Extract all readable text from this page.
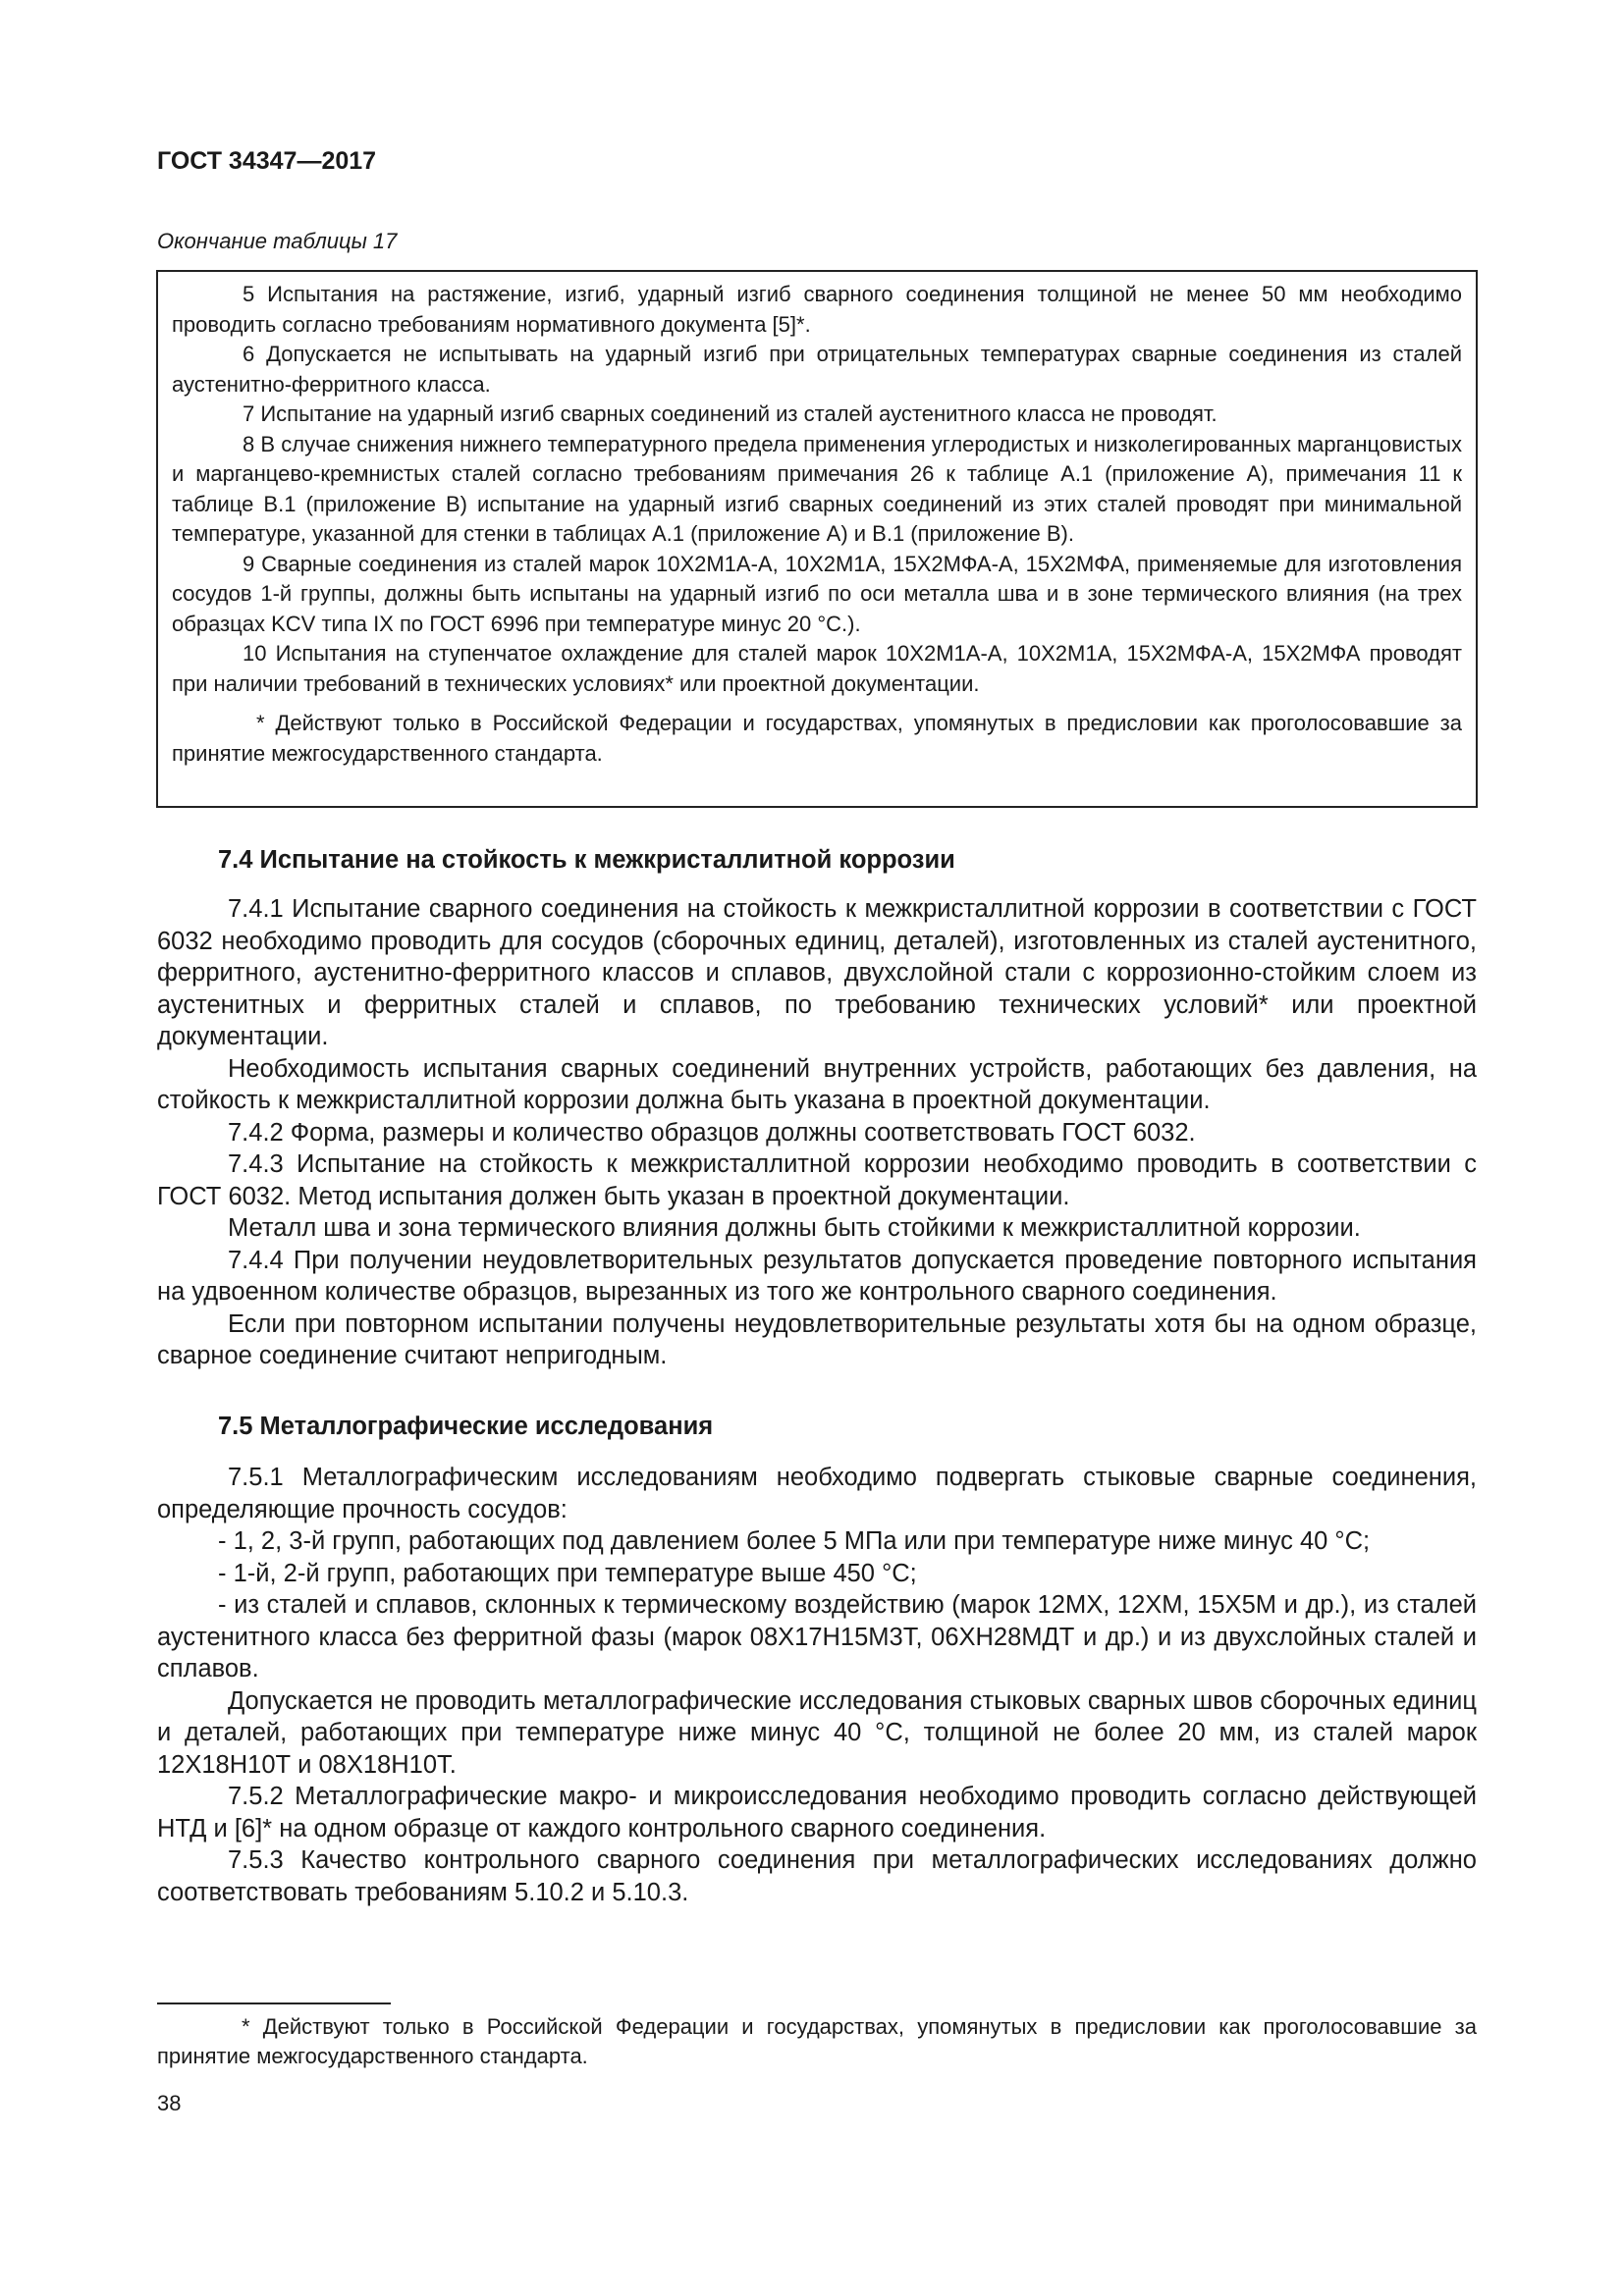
ГОСТ 34347—2017
Окончание таблицы 17

5 Испытания на растяжение, изгиб, ударный изгиб сварного соединения толщиной не менее 50 мм необходимо проводить согласно требованиям нормативного документа [5]*.

6 Допускается не испытывать на ударный изгиб при отрицательных температурах сварные соединения из сталей аустенитно-ферритного класса.

7 Испытание на ударный изгиб сварных соединений из сталей аустенитного класса не проводят.

8 В случае снижения нижнего температурного предела применения углеродистых и низколегированных марганцовистых и марганцево-кремнистых сталей согласно требованиям примечания 26 к таблице А.1 (приложение А), примечания 11 к таблице В.1 (приложение В) испытание на ударный изгиб сварных соединений из этих сталей проводят при минимальной температуре, указанной для стенки в таблицах А.1 (приложение А) и В.1 (приложение В).

9 Сварные соединения из сталей марок 10Х2М1А-А, 10Х2М1А, 15Х2МФА-А, 15Х2МФА, применяемые для изготовления сосудов 1-й группы, должны быть испытаны на ударный изгиб по оси металла шва и в зоне термического влияния (на трех образцах KCV типа IX по ГОСТ 6996 при температуре минус 20 °С.).

10 Испытания на ступенчатое охлаждение для сталей марок 10Х2М1А-А, 10Х2М1А, 15Х2МФА-А, 15Х2МФА проводят при наличии требований в технических условиях* или проектной документации.

* Действуют только в Российской Федерации и государствах, упомянутых в предисловии как проголосовавшие за принятие межгосударственного стандарта.

7.4 Испытание на стойкость к межкристаллитной коррозии

7.4.1 Испытание сварного соединения на стойкость к межкристаллитной коррозии в соответствии с ГОСТ 6032 необходимо проводить для сосудов (сборочных единиц, деталей), изготовленных из сталей аустенитного, ферритного, аустенитно-ферритного классов и сплавов, двухслойной стали с коррозионно-стойким слоем из аустенитных и ферритных сталей и сплавов, по требованию технических условий* или проектной документации.

Необходимость испытания сварных соединений внутренних устройств, работающих без давления, на стойкость к межкристаллитной коррозии должна быть указана в проектной документации.

7.4.2 Форма, размеры и количество образцов должны соответствовать ГОСТ 6032.

7.4.3 Испытание на стойкость к межкристаллитной коррозии необходимо проводить в соответствии с ГОСТ 6032. Метод испытания должен быть указан в проектной документации.

Металл шва и зона термического влияния должны быть стойкими к межкристаллитной коррозии.

7.4.4 При получении неудовлетворительных результатов допускается проведение повторного испытания на удвоенном количестве образцов, вырезанных из того же контрольного сварного соединения.

Если при повторном испытании получены неудовлетворительные результаты хотя бы на одном образце, сварное соединение считают непригодным.

7.5 Металлографические исследования

7.5.1 Металлографическим исследованиям необходимо подвергать стыковые сварные соединения, определяющие прочность сосудов:

- 1, 2, 3-й групп, работающих под давлением более 5 МПа или при температуре ниже минус 40 °С;

- 1-й, 2-й групп, работающих при температуре выше 450 °С;

- из сталей и сплавов, склонных к термическому воздействию (марок 12МХ, 12ХМ, 15Х5М и др.), из сталей аустенитного класса без ферритной фазы (марок 08Х17Н15М3Т, 06ХН28МДТ и др.) и из двухслойных сталей и сплавов.

Допускается не проводить металлографические исследования стыковых сварных швов сборочных единиц и деталей, работающих при температуре ниже минус 40 °С, толщиной не более 20 мм, из сталей марок 12Х18Н10Т и 08Х18Н10Т.

7.5.2 Металлографические макро- и микроисследования необходимо проводить согласно действующей НТД и [6]* на одном образце от каждого контрольного сварного соединения.

7.5.3 Качество контрольного сварного соединения при металлографических исследованиях должно соответствовать требованиям 5.10.2 и 5.10.3.

* Действуют только в Российской Федерации и государствах, упомянутых в предисловии как проголосовавшие за принятие межгосударственного стандарта.

38
